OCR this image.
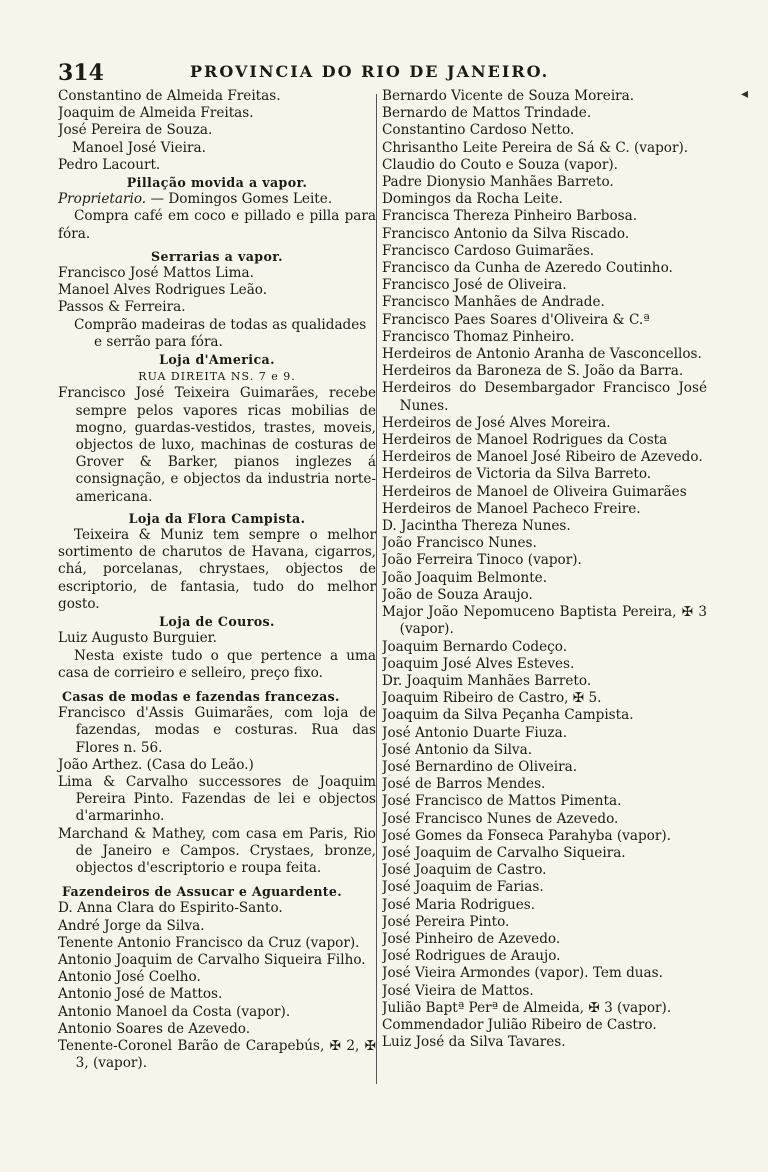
314	PROVINCIA DO RIO DE JANEIRO.
◂
Constantino de Almeida Freitas.
Joaquim de Almeida Freitas.
José Pereira de Souza.
Manoel José Vieira.
Pedro Lacourt.
Pillação movida a vapor.
Proprietario. — Domingos Gomes Leite.
Compra café em coco e pillado e pilla para fóra.
Serrarias a vapor.
Francisco José Mattos Lima.
Manoel Alves Rodrigues Leão.
Passos & Ferreira.
Comprão madeiras de todas as qualidades
e serrão para fóra.
Loja d'America.
RUA DIREITA NS. 7 e 9.
Francisco José Teixeira Guimarães, recebe sempre pelos vapores ricas mobilias de mogno, guardas-vestidos, trastes, moveis, objectos de luxo, machinas de costuras de Grover & Barker, pianos inglezes á consignação, e objectos da industria norte-americana.
Loja da Flora Campista.
Teixeira & Muniz tem sempre o melhor sortimento de charutos de Havana, cigarros, chá, porcelanas, chrystaes, objectos de escriptorio, de fantasia, tudo do melhor gosto.
Loja de Couros.
Luiz Augusto Burguier.
Nesta existe tudo o que pertence a uma casa de corrieiro e selleiro, preço fixo.
Casas de modas e fazendas francezas.
Francisco d'Assis Guimarães, com loja de fazendas, modas e costuras. Rua das Flores n. 56.
João Arthez. (Casa do Leão.)
Lima & Carvalho successores de Joaquim Pereira Pinto. Fazendas de lei e objectos d'armarinho.
Marchand & Mathey, com casa em Paris, Rio de Janeiro e Campos. Crystaes, bronze, objectos d'escriptorio e roupa feita.
Fazendeiros de Assucar e Aguardente.
D. Anna Clara do Espirito-Santo.
André Jorge da Silva.
Tenente Antonio Francisco da Cruz (vapor).
Antonio Joaquim de Carvalho Siqueira Filho.
Antonio José Coelho.
Antonio José de Mattos.
Antonio Manoel da Costa (vapor).
Antonio Soares de Azevedo.
Tenente-Coronel Barão de Carapebús, ✠ 2, ✠ 3, (vapor).
Bernardo Vicente de Souza Moreira.
Bernardo de Mattos Trindade.
Constantino Cardoso Netto.
Chrisantho Leite Pereira de Sá & C. (vapor).
Claudio do Couto e Souza (vapor).
Padre Dionysio Manhães Barreto.
Domingos da Rocha Leite.
Francisca Thereza Pinheiro Barbosa.
Francisco Antonio da Silva Riscado.
Francisco Cardoso Guimarães.
Francisco da Cunha de Azeredo Coutinho.
Francisco José de Oliveira.
Francisco Manhães de Andrade.
Francisco Paes Soares d'Oliveira & C.ª
Francisco Thomaz Pinheiro.
Herdeiros de Antonio Aranha de Vasconcellos.
Herdeiros da Baroneza de S. João da Barra.
Herdeiros do Desembargador Francisco José Nunes.
Herdeiros de José Alves Moreira.
Herdeiros de Manoel Rodrigues da Costa
Herdeiros de Manoel José Ribeiro de Azevedo.
Herdeiros de Victoria da Silva Barreto.
Herdeiros de Manoel de Oliveira Guimarães
Herdeiros de Manoel Pacheco Freire.
D. Jacintha Thereza Nunes.
João Francisco Nunes.
João Ferreira Tinoco (vapor).
João Joaquim Belmonte.
João de Souza Araujo.
Major João Nepomuceno Baptista Pereira, ✠ 3 (vapor).
Joaquim Bernardo Codeço.
Joaquim José Alves Esteves.
Dr. Joaquim Manhães Barreto.
Joaquim Ribeiro de Castro, ✠ 5.
Joaquim da Silva Peçanha Campista.
José Antonio Duarte Fiuza.
José Antonio da Silva.
José Bernardino de Oliveira.
José de Barros Mendes.
José Francisco de Mattos Pimenta.
José Francisco Nunes de Azevedo.
José Gomes da Fonseca Parahyba (vapor).
José Joaquim de Carvalho Siqueira.
José Joaquim de Castro.
José Joaquim de Farias.
José Maria Rodrigues.
José Pereira Pinto.
José Pinheiro de Azevedo.
José Rodrigues de Araujo.
José Vieira Armondes (vapor). Tem duas.
José Vieira de Mattos.
Julião Baptª Perª de Almeida, ✠ 3 (vapor).
Commendador Julião Ribeiro de Castro.
Luiz José da Silva Tavares.
